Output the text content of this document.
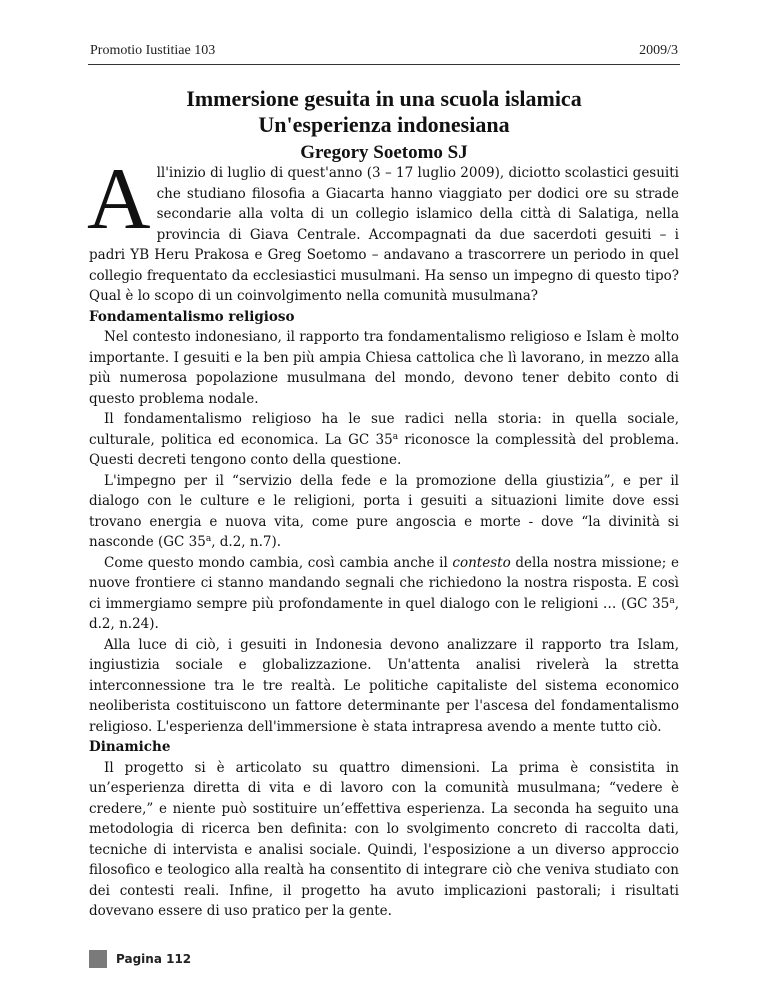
Promotio Iustitiae 103	2009/3
Immersione gesuita in una scuola islamica
Un'esperienza indonesiana
Gregory Soetomo SJ

All'inizio di luglio di quest'anno (3 – 17 luglio 2009), diciotto scolastici gesuiti che studiano filosofia a Giacarta hanno viaggiato per dodici ore su strade secondarie alla volta di un collegio islamico della città di Salatiga, nella provincia di Giava Centrale. Accompagnati da due sacerdoti gesuiti – i padri YB Heru Prakosa e Greg Soetomo – andavano a trascorrere un periodo in quel collegio frequentato da ecclesiastici musulmani. Ha senso un impegno di questo tipo? Qual è lo scopo di un coinvolgimento nella comunità musulmana?

Fondamentalismo religioso

Nel contesto indonesiano, il rapporto tra fondamentalismo religioso e Islam è molto importante. I gesuiti e la ben più ampia Chiesa cattolica che lì lavorano, in mezzo alla più numerosa popolazione musulmana del mondo, devono tener debito conto di questo problema nodale.

Il fondamentalismo religioso ha le sue radici nella storia: in quella sociale, culturale, politica ed economica. La GC 35$^a$ riconosce la complessità del problema. Questi decreti tengono conto della questione.

L'impegno per il “servizio della fede e la promozione della giustizia”, e per il dialogo con le culture e le religioni, porta i gesuiti a situazioni limite dove essi trovano energia e nuova vita, come pure angoscia e morte - dove “la divinità si nasconde (GC 35$^a$, d.2, n.7).

Come questo mondo cambia, così cambia anche il contesto della nostra missione; e nuove frontiere ci stanno mandando segnali che richiedono la nostra risposta. E così ci immergiamo sempre più profondamente in quel dialogo con le religioni … (GC 35$^a$, d.2, n.24).

Alla luce di ciò, i gesuiti in Indonesia devono analizzare il rapporto tra Islam, ingiustizia sociale e globalizzazione. Un'attenta analisi rivelerà la stretta interconnessione tra le tre realtà. Le politiche capitaliste del sistema economico neoliberista costituiscono un fattore determinante per l'ascesa del fondamentalismo religioso. L'esperienza dell'immersione è stata intrapresa avendo a mente tutto ciò.

Dinamiche

Il progetto si è articolato su quattro dimensioni. La prima è consistita in un’esperienza diretta di vita e di lavoro con la comunità musulmana; “vedere è credere,” e niente può sostituire un’effettiva esperienza. La seconda ha seguito una metodologia di ricerca ben definita: con lo svolgimento concreto di raccolta dati, tecniche di intervista e analisi sociale. Quindi, l'esposizione a un diverso approccio filosofico e teologico alla realtà ha consentito di integrare ciò che veniva studiato con dei contesti reali. Infine, il progetto ha avuto implicazioni pastorali; i risultati dovevano essere di uso pratico per la gente.

Pagina 112
